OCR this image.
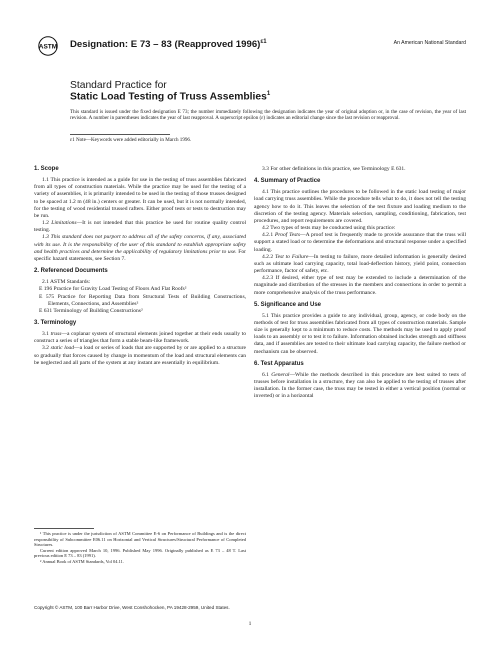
ASTM Designation: E 73 – 83 (Reapproved 1996)$^{\varepsilon 1}$	An American National Standard
Standard Practice for
Static Load Testing of Truss Assemblies$^1$
This standard is issued under the fixed designation E 73; the number immediately following the designation indicates the year of original adoption or, in the case of revision, the year of last revision. A number in parentheses indicates the year of last reapproval. A superscript epsilon (ε) indicates an editorial change since the last revision or reapproval.
ε1 Note—Keywords were added editorially in March 1996.
1. Scope

1.1 This practice is intended as a guide for use in the testing of truss assemblies fabricated from all types of construction materials. While the practice may be used for the testing of a variety of assemblies, it is primarily intended to be used in the testing of those trusses designed to be spaced at 1.2 m (48 in.) centers or greater. It can be used, but it is not normally intended, for the testing of wood residential trussed rafters. Either proof tests or tests to destruction may be run.

1.2 Limitations—It is not intended that this practice be used for routine quality control testing.

1.3 This standard does not purport to address all of the safety concerns, if any, associated with its use. It is the responsibility of the user of this standard to establish appropriate safety and health practices and determine the applicability of regulatory limitations prior to use. For specific hazard statements, see Section 7.

2. Referenced Documents

2.1 ASTM Standards:

E 196 Practice for Gravity Load Testing of Floors And Flat Roofs²

E 575 Practice for Reporting Data from Structural Tests of Building Constructions, Elements, Connections, and Assemblies²

E 631 Terminology of Building Constructions²

3. Terminology

3.1 truss—a coplanar system of structural elements joined together at their ends usually to construct a series of triangles that form a stable beam-like framework.

3.2 static load—a load or series of loads that are supported by or are applied to a structure so gradually that forces caused by change in momentum of the load and structural elements can be neglected and all parts of the system at any instant are essentially in equilibrium.

¹ This practice is under the jurisdiction of ASTM Committee E-6 on Performance of Buildings and is the direct responsibility of Subcommittee E06.11 on Horizontal and Vertical Structures/Structural Performance of Completed Structures.

Current edition approved March 10, 1996. Published May 1996. Originally published as E 73 – 48 T. Last previous edition E 73 – 83 (1991).

² Annual Book of ASTM Standards, Vol 04.11.

3.3 For other definitions in this practice, see Terminology E 631.

4. Summary of Practice

4.1 This practice outlines the procedures to be followed in the static load testing of major load carrying truss assemblies. While the procedure tells what to do, it does not tell the testing agency how to do it. This leaves the selection of the test fixture and loading medium to the discretion of the testing agency. Materials selection, sampling, conditioning, fabrication, test procedures, and report requirements are covered.

4.2 Two types of tests may be conducted using this practice:

4.2.1 Proof Tests—A proof test is frequently made to provide assurance that the truss will support a stated load or to determine the deformations and structural response under a specified loading.

4.2.2 Test to Failure—In testing to failure, more detailed information is generally desired such as ultimate load carrying capacity, total load-deflection history, yield point, connection performance, factor of safety, etc.

4.2.3 If desired, either type of test may be extended to include a determination of the magnitude and distribution of the stresses in the members and connections in order to permit a more comprehensive analysis of the truss performance.

5. Significance and Use

5.1 This practice provides a guide to any individual, group, agency, or code body on the methods of test for truss assemblies fabricated from all types of construction materials. Sample size is generally kept to a minimum to reduce costs. The methods may be used to apply proof loads to an assembly or to test it to failure. Information obtained includes strength and stiffness data, and if assemblies are tested to their ultimate load carrying capacity, the failure method or mechanism can be observed.

6. Test Apparatus

6.1 General—While the methods described in this procedure are best suited to tests of trusses before installation in a structure, they can also be applied to the testing of trusses after installation. In the former case, the truss may be tested in either a vertical position (normal or inverted) or in a horizontal

Copyright © ASTM, 100 Barr Harbor Drive, West Conshohocken, PA 19428-2959, United States.
1
